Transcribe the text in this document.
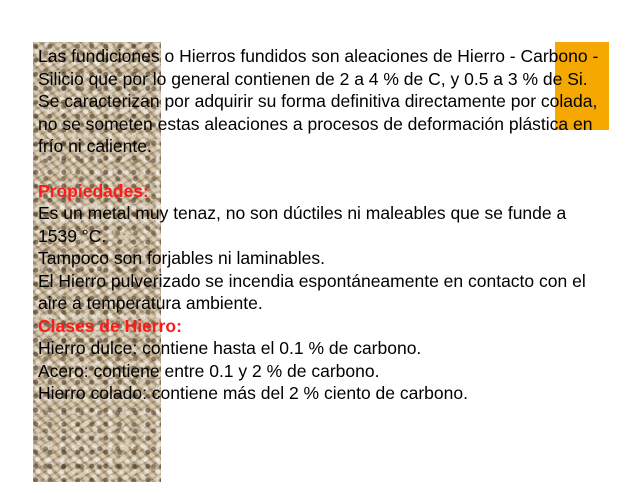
Las fundiciones o Hierros fundidos son aleaciones de Hierro - Carbono - Silicio que por lo general contienen de 2 a 4 % de C, y 0.5 a 3 % de Si. Se caracterizan por adquirir su forma definitiva directamente por colada, no se someten estas aleaciones a procesos de deformación plástica en frío ni caliente.

Propiedades:

Es un metal muy tenaz, no son dúctiles ni maleables que se funde a 1539 °C.

Tampoco son forjables ni laminables.

El Hierro pulverizado se incendia espontáneamente en contacto con el aire a temperatura ambiente.

Clases de Hierro:

Hierro dulce: contiene hasta el 0.1 % de carbono.

Acero: contiene entre 0.1 y 2 % de carbono.

Hierro colado: contiene más del 2 % ciento de carbono.
